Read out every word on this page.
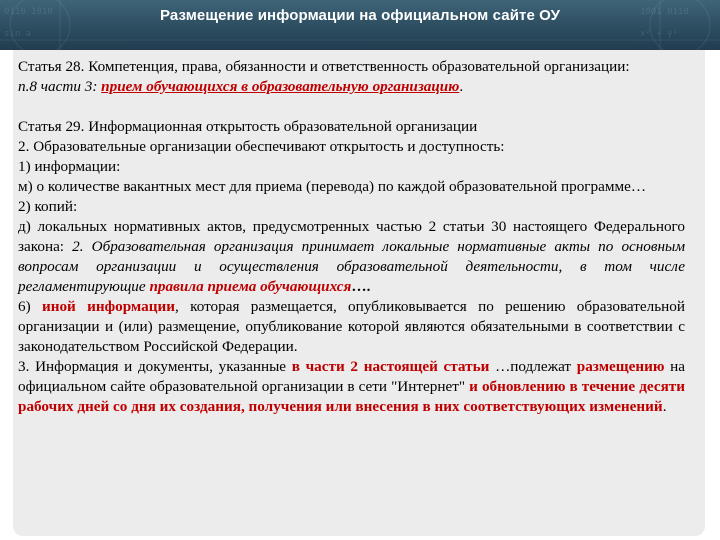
0110 1010
sin a
1001 0110
x² + y²
Размещение информации на официальном сайте ОУ

Статья 28. Компетенция, права, обязанности и ответственность образовательной организации:

п.8 части 3: прием обучающихся в образовательную организацию.

Статья 29. Информационная открытость образовательной организации

2. Образовательные организации обеспечивают открытость и доступность:

1) информации:

м) о количестве вакантных мест для приема (перевода) по каждой образовательной программе…

2) копий:

д) локальных нормативных актов, предусмотренных частью 2 статьи 30 настоящего Федерального закона: 2. Образовательная организация принимает локальные нормативные акты по основным вопросам организации и осуществления образовательной деятельности, в том числе регламентирующие правила приема обучающихся….

6) иной информации, которая размещается, опубликовывается по решению образовательной организации и (или) размещение, опубликование которой являются обязательными в соответствии с законодательством Российской Федерации.

3. Информация и документы, указанные в части 2 настоящей статьи …подлежат размещению на официальном сайте образовательной организации в сети "Интернет" и обновлению в течение десяти рабочих дней со дня их создания, получения или внесения в них соответствующих изменений.
